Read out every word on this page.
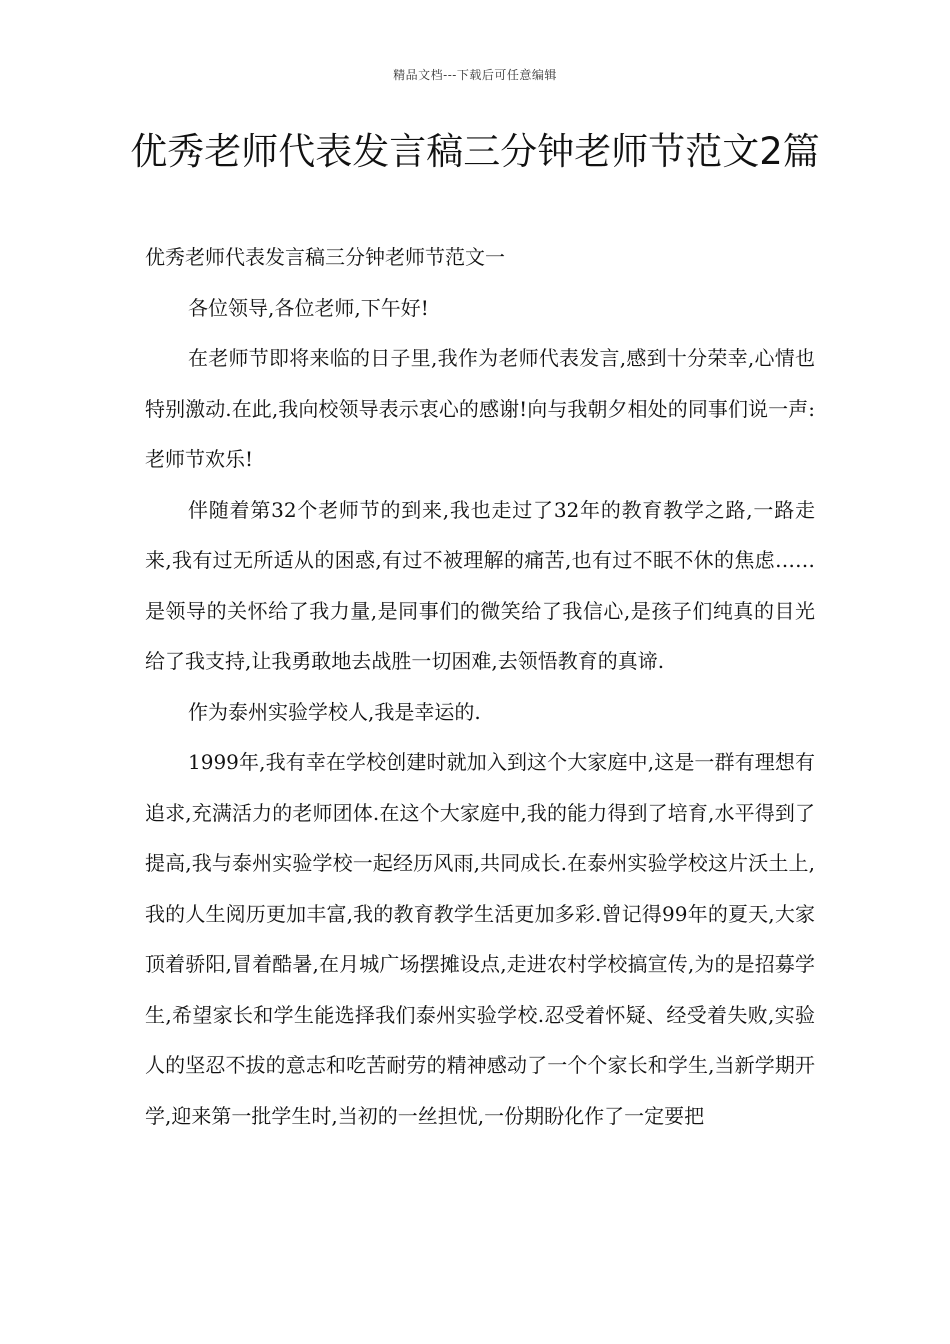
精品文档---下载后可任意编辑
优秀老师代表发言稿三分钟老师节范文2篇

优秀老师代表发言稿三分钟老师节范文一

各位领导,各位老师,下午好!

在老师节即将来临的日子里,我作为老师代表发言,感到十分荣幸,心情也特别激动.在此,我向校领导表示衷心的感谢!向与我朝夕相处的同事们说一声:老师节欢乐!

伴随着第32个老师节的到来,我也走过了32年的教育教学之路,一路走来,我有过无所适从的困惑,有过不被理解的痛苦,也有过不眠不休的焦虑……是领导的关怀给了我力量,是同事们的微笑给了我信心,是孩子们纯真的目光给了我支持,让我勇敢地去战胜一切困难,去领悟教育的真谛.

作为泰州实验学校人,我是幸运的.

1999年,我有幸在学校创建时就加入到这个大家庭中,这是一群有理想有追求,充满活力的老师团体.在这个大家庭中,我的能力得到了培育,水平得到了提高,我与泰州实验学校一起经历风雨,共同成长.在泰州实验学校这片沃土上,我的人生阅历更加丰富,我的教育教学生活更加多彩.曾记得99年的夏天,大家顶着骄阳,冒着酷暑,在月城广场摆摊设点,走进农村学校搞宣传,为的是招募学生,希望家长和学生能选择我们泰州实验学校.忍受着怀疑、经受着失败,实验人的坚忍不拔的意志和吃苦耐劳的精神感动了一个个家长和学生,当新学期开学,迎来第一批学生时,当初的一丝担忧,一份期盼化作了一定要把
